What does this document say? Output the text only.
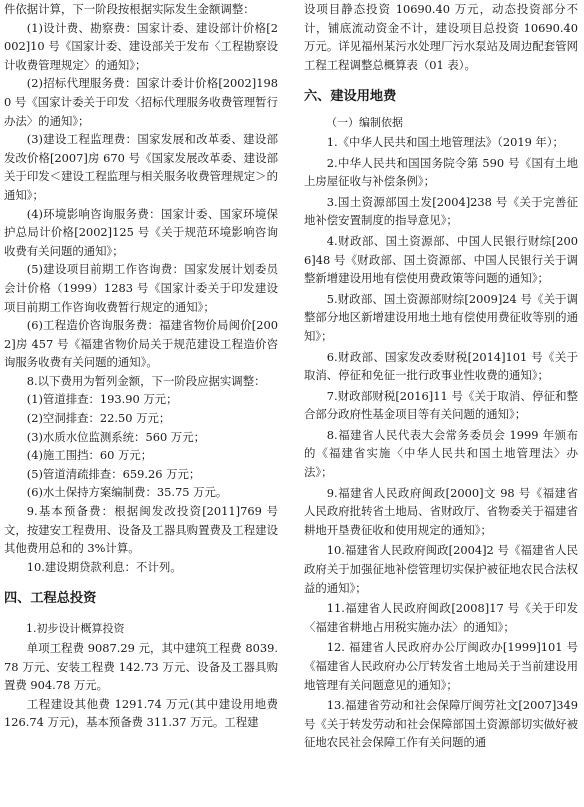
件依据计算，下一阶段按根据实际发生金额调整：

(1)设计费、勘察费：国家计委、建设部计价格[2002]10 号《国家计委、建设部关于发布〈工程勘察设计收费管理规定〉的通知》；

(2)招标代理服务费：国家计委计价格[2002]1980 号《国家计委关于印发〈招标代理服务收费管理暂行办法〉的通知》；

(3)建设工程监理费：国家发展和改革委、建设部发改价格[2007]房 670 号《国家发展改革委、建设部关于印发＜建设工程监理与相关服务收费管理规定＞的通知》；

(4)环境影响咨询服务费：国家计委、国家环境保护总局计价格[2002]125 号《关于规范环境影响咨询收费有关问题的通知》；

(5)建设项目前期工作咨询费：国家发展计划委员会计价格（1999）1283 号《国家计委关于印发建设项目前期工作咨询收费暂行规定的通知》；

(6)工程造价咨询服务费：福建省物价局闽价[2002]房 457 号《福建省物价局关于规范建设工程造价咨询服务收费有关问题的通知》。

8.以下费用为暂列金额，下一阶段应据实调整：

(1)管道排查：193.90 万元；

(2)空洞排查：22.50 万元；

(3)水质水位监测系统：560 万元；

(4)施工围挡：60 万元；

(5)管道清疏排查：659.26 万元；

(6)水土保持方案编制费：35.75 万元。

9.基本预备费：根据闽发改投资[2011]769 号文，按建安工程费用、设备及工器具购置费及工程建设其他费用总和的 3%计算。

10.建设期贷款利息：不计列。

四、工程总投资

1.初步设计概算投资

单项工程费 9087.29 元，其中建筑工程费 8039.78 万元、安装工程费 142.73 万元、设备及工器具购置费 904.78 万元。

工程建设其他费 1291.74 万元(其中建设用地费 126.74 万元)，基本预备费 311.37 万元。工程建

设项目静态投资 10690.40 万元，动态投资部分不计，铺底流动资金不计，建设项目总投资 10690.40 万元。详见福州某污水处理厂污水泵站及周边配套管网工程工程调整总概算表（01 表）。

六、建设用地费

（一）编制依据

1.《中华人民共和国土地管理法》（2019 年）；

2.中华人民共和国国务院令第 590 号《国有土地上房屋征收与补偿条例》；

3.国土资源部国土发[2004]238 号《关于完善征地补偿安置制度的指导意见》；

4.财政部、国土资源部、中国人民银行财综[2006]48 号《财政部、国土资源部、中国人民银行关于调整新增建设用地有偿使用费政策等问题的通知》；

5.财政部、国土资源部财综[2009]24 号《关于调整部分地区新增建设用地土地有偿使用费征收等别的通知》；

6.财政部、国家发改委财税[2014]101 号《关于取消、停征和免征一批行政事业性收费的通知》；

7.财政部财税[2016]11 号《关于取消、停征和整合部分政府性基金项目等有关问题的通知》；

8.福建省人民代表大会常务委员会 1999 年颁布的《福建省实施〈中华人民共和国土地管理法〉办法》；

9.福建省人民政府闽政[2000]文 98 号《福建省人民政府批转省土地局、省财政厅、省物委关于福建省耕地开垦费征收和使用规定的通知》；

10.福建省人民政府闽政[2004]2 号《福建省人民政府关于加强征地补偿管理切实保护被征地农民合法权益的通知》；

11.福建省人民政府闽政[2008]17 号《关于印发〈福建省耕地占用税实施办法〉的通知》；

12. 福建省人民政府办公厅闽政办[1999]101 号《福建省人民政府办公厅转发省土地局关于当前建设用地管理有关问题意见的通知》；

13.福建省劳动和社会保障厅闽劳社文[2007]349 号《关于转发劳动和社会保障部国土资源部切实做好被征地农民社会保障工作有关问题的通
